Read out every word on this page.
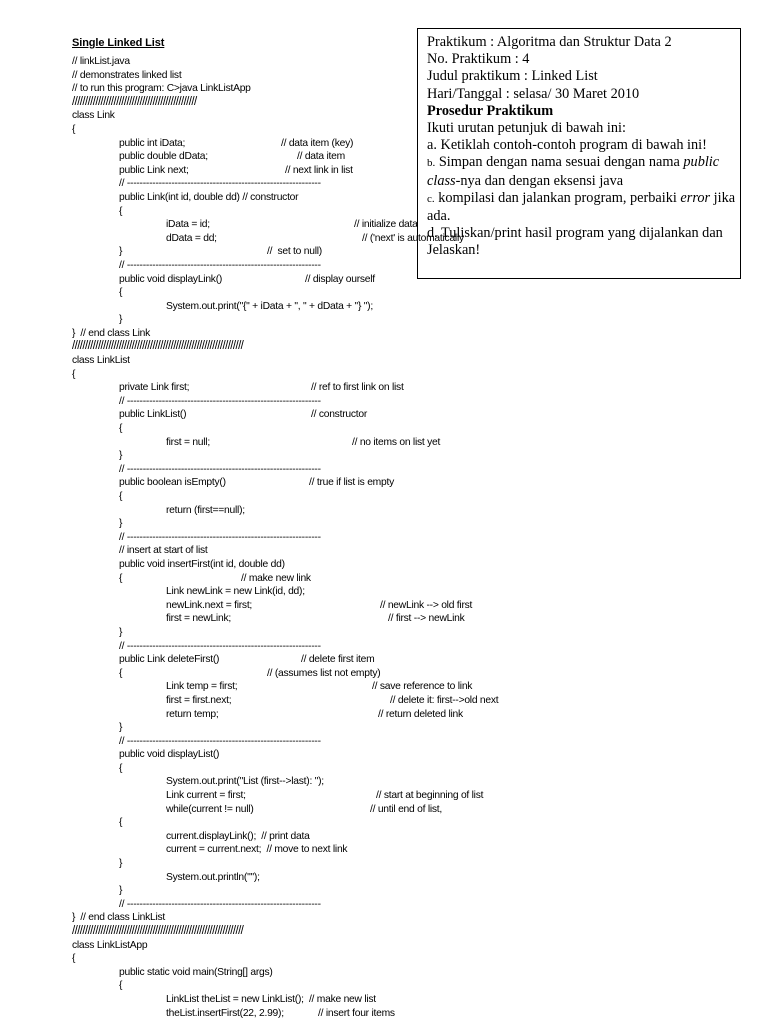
Single Linked List
// linkList.java
// demonstrates linked list
// to run this program: C>java LinkListApp
////////////////////////////////////////////////
class Link
{
public int iData;	// data item (key)
public double dData;	// data item
public Link next;	// next link in list
// -------------------------------------------------------------
public Link(int id, double dd) // constructor
{
iData = id;	// initialize data
dData = dd;	// ('next' is automatically
}	//  set to null)
// -------------------------------------------------------------
public void displayLink()	// display ourself
{
System.out.print("{" + iData + ", " + dData + "} ");
}
}  // end class Link
//////////////////////////////////////////////////////////////////
class LinkList
{
private Link first;	// ref to first link on list
// -------------------------------------------------------------
public LinkList()	// constructor
{
first = null;	// no items on list yet
}
// -------------------------------------------------------------
public boolean isEmpty()	// true if list is empty
{
return (first==null);
}
// -------------------------------------------------------------
// insert at start of list
public void insertFirst(int id, double dd)
{	// make new link
Link newLink = new Link(id, dd);
newLink.next = first;	// newLink --> old first
first = newLink;	// first --> newLink
}
// -------------------------------------------------------------
public Link deleteFirst()	// delete first item
{	// (assumes list not empty)
Link temp = first;	// save reference to link
first = first.next;	// delete it: first-->old next
return temp;	// return deleted link
}
// -------------------------------------------------------------
public void displayList()
{
System.out.print("List (first-->last): ");
Link current = first;	// start at beginning of list
while(current != null)	// until end of list,
{
current.displayLink();  // print data
current = current.next;  // move to next link
}
System.out.println("");
}
// -------------------------------------------------------------
}  // end class LinkList
//////////////////////////////////////////////////////////////////
class LinkListApp
{
public static void main(String[] args)
{
LinkList theList = new LinkList();  // make new list
theList.insertFirst(22, 2.99);	// insert four items
Praktikum : Algoritma dan Struktur Data 2
No. Praktikum : 4
Judul praktikum : Linked List
Hari/Tanggal : selasa/ 30 Maret 2010
Prosedur Praktikum
Ikuti urutan petunjuk di bawah ini:
a. Ketiklah contoh-contoh program di bawah ini!
b. Simpan dengan nama sesuai dengan nama public class-nya dan dengan eksensi java
c. kompilasi dan jalankan program, perbaiki error jika ada.
d. Tuliskan/print hasil program yang dijalankan dan Jelaskan!
